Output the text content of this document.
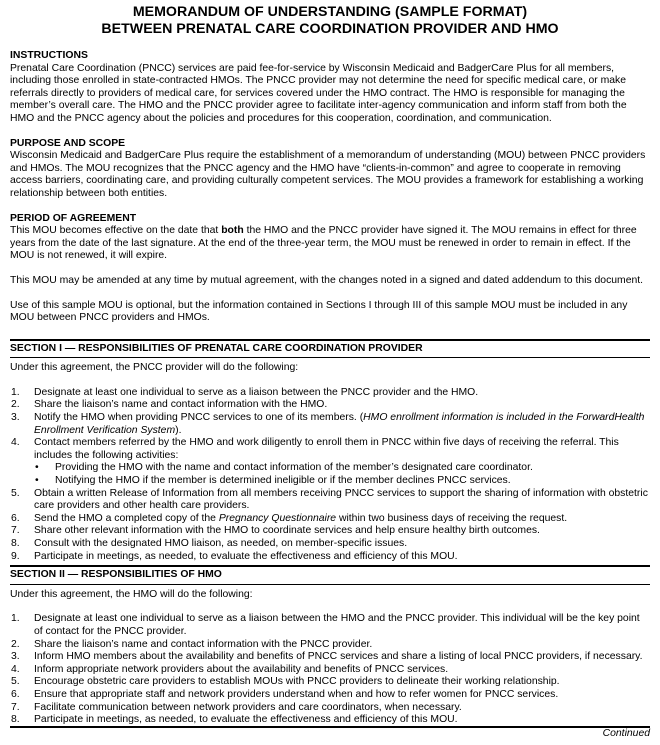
MEMORANDUM OF UNDERSTANDING (SAMPLE FORMAT)
BETWEEN PRENATAL CARE COORDINATION PROVIDER AND HMO
INSTRUCTIONS

Prenatal Care Coordination (PNCC) services are paid fee-for-service by Wisconsin Medicaid and BadgerCare Plus for all members, including those enrolled in state-contracted HMOs. The PNCC provider may not determine the need for specific medical care, or make referrals directly to providers of medical care, for services covered under the HMO contract. The HMO is responsible for managing the member’s overall care. The HMO and the PNCC provider agree to facilitate inter-agency communication and inform staff from both the HMO and the PNCC agency about the policies and procedures for this cooperation, coordination, and communication.

PURPOSE AND SCOPE

Wisconsin Medicaid and BadgerCare Plus require the establishment of a memorandum of understanding (MOU) between PNCC providers and HMOs. The MOU recognizes that the PNCC agency and the HMO have “clients-in-common” and agree to cooperate in removing access barriers, coordinating care, and providing culturally competent services. The MOU provides a framework for establishing a working relationship between both entities.

PERIOD OF AGREEMENT

This MOU becomes effective on the date that both the HMO and the PNCC provider have signed it. The MOU remains in effect for three years from the date of the last signature. At the end of the three-year term, the MOU must be renewed in order to remain in effect. If the MOU is not renewed, it will expire.

This MOU may be amended at any time by mutual agreement, with the changes noted in a signed and dated addendum to this document.

Use of this sample MOU is optional, but the information contained in Sections I through III of this sample MOU must be included in any MOU between PNCC providers and HMOs.

SECTION I — RESPONSIBILITIES OF PRENATAL CARE COORDINATION PROVIDER
Under this agreement, the PNCC provider will do the following:
1. Designate at least one individual to serve as a liaison between the PNCC provider and the HMO.
2. Share the liaison’s name and contact information with the HMO.
3. Notify the HMO when providing PNCC services to one of its members. (HMO enrollment information is included in the ForwardHealth Enrollment Verification System).
4. Contact members referred by the HMO and work diligently to enroll them in PNCC within five days of receiving the referral. This includes the following activities:
• Providing the HMO with the name and contact information of the member’s designated care coordinator.
• Notifying the HMO if the member is determined ineligible or if the member declines PNCC services.
5. Obtain a written Release of Information from all members receiving PNCC services to support the sharing of information with obstetric care providers and other health care providers.
6. Send the HMO a completed copy of the Pregnancy Questionnaire within two business days of receiving the request.
7. Share other relevant information with the HMO to coordinate services and help ensure healthy birth outcomes.
8. Consult with the designated HMO liaison, as needed, on member-specific issues.
9. Participate in meetings, as needed, to evaluate the effectiveness and efficiency of this MOU.
SECTION II — RESPONSIBILITIES OF HMO
Under this agreement, the HMO will do the following:
1. Designate at least one individual to serve as a liaison between the HMO and the PNCC provider. This individual will be the key point of contact for the PNCC provider.
2. Share the liaison’s name and contact information with the PNCC provider.
3. Inform HMO members about the availability and benefits of PNCC services and share a listing of local PNCC providers, if necessary.
4. Inform appropriate network providers about the availability and benefits of PNCC services.
5. Encourage obstetric care providers to establish MOUs with PNCC providers to delineate their working relationship.
6. Ensure that appropriate staff and network providers understand when and how to refer women for PNCC services.
7. Facilitate communication between network providers and care coordinators, when necessary.
8. Participate in meetings, as needed, to evaluate the effectiveness and efficiency of this MOU.
Continued
